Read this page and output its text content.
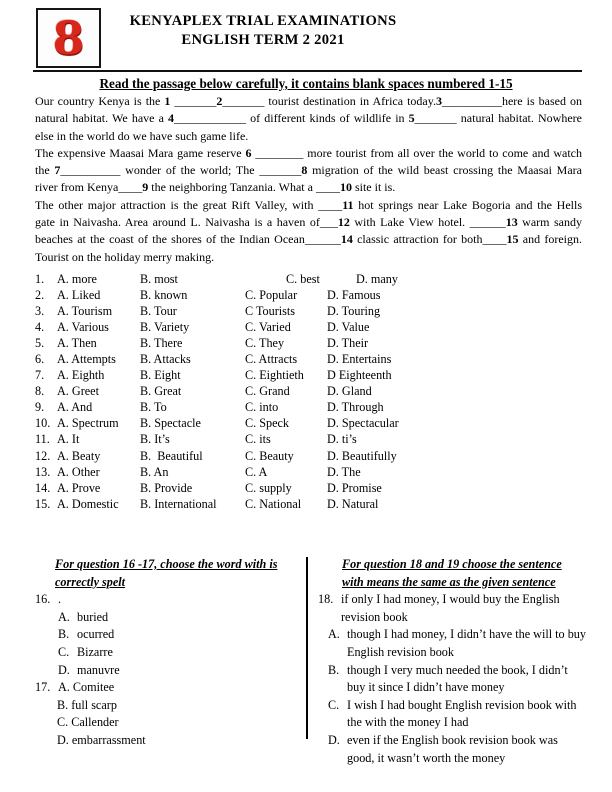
8	KENYAPLEX TRIAL EXAMINATIONS
ENGLISH TERM 2 2021
Read the passage below carefully, it contains blank spaces numbered 1-15
Our country Kenya is the 1 _______2_______ tourist destination in Africa today.3__________here is based on
natural habitat. We have a 4____________ of different kinds of wildlife in 5_______ natural habitat. Nowhere
else in the world do we have such game life.
The expensive Maasai Mara game reserve 6 ________ more tourist from all over the world to come and watch
the 7__________ wonder of the world; The _______8 migration of the wild beast crossing the Maasai Mara
river from Kenya____9 the neighboring Tanzania. What a ____10 site it is.
The other major attraction is the great Rift Valley, with ____11 hot springs near Lake Bogoria and the Hells
gate in Naivasha. Area around L. Naivasha is a haven of___12 with Lake View hotel. ______13 warm sandy
beaches at the coast of the shores of the Indian Ocean______14 classic attraction for both____15 and foreign.
Tourist on the holiday merry making.
1.	A. more	B. most	C. best	D. many
2.	A. Liked	B. known	C. Popular	D. Famous
3.	A. Tourism	B. Tour	C Tourists	D. Touring
4.	A. Various	B. Variety	C. Varied	D. Value
5.	A. Then	B. There	C. They	D. Their
6.	A. Attempts	B. Attacks	C. Attracts	D. Entertains
7.	A. Eighth	B. Eight	C. Eightieth	D Eighteenth
8.	A. Greet	B. Great	C. Grand	D. Gland
9.	A. And	B. To	C. into	D. Through
10. A. Spectrum	B. Spectacle	C. Speck	D. Spectacular
11. A. It	B. It’s	C. its	D. ti’s
12. A. Beaty	B.  Beautiful	C. Beauty	D. Beautifully
13. A. Other	B. An	C. A	D. The
14. A. Prove	B. Provide	C. supply	D. Promise
15. A. Domestic	B. International	C. National	D. Natural
For question 16 -17, choose the word with is
correctly spelt
16. .
A. buried
B. ocurred
C. Bizarre
D. manuvre
17. A. Comitee
B. full scarp
C. Callender
D. embarrassment
For question 18 and 19 choose the sentence
with means the same as the given sentence
18. if only I had money, I would buy the English revision book
A. though I had money, I didn’t have the will to buy English revision book
B. though I very much needed the book, I didn’t buy it since I didn’t have money
C. I wish I had bought English revision book with the with the money I had
D. even if the English book revision book was good, it wasn’t worth the money
